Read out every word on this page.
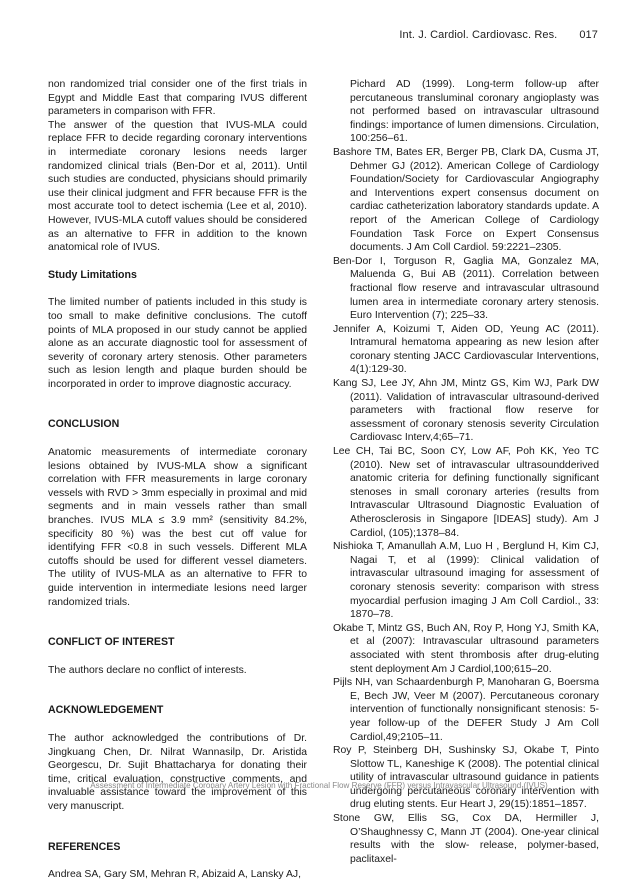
Int. J. Cardiol. Cardiovasc. Res. 017

non randomized trial consider one of the first trials in Egypt and Middle East that comparing IVUS different parameters in comparison with FFR.

The answer of the question that IVUS-MLA could replace FFR to decide regarding coronary interventions in intermediate coronary lesions needs larger randomized clinical trials (Ben-Dor et al, 2011). Until such studies are conducted, physicians should primarily use their clinical judgment and FFR because FFR is the most accurate tool to detect ischemia (Lee et al, 2010). However, IVUS-MLA cutoff values should be considered as an alternative to FFR in addition to the known anatomical role of IVUS.

Study Limitations

The limited number of patients included in this study is too small to make definitive conclusions. The cutoff points of MLA proposed in our study cannot be applied alone as an accurate diagnostic tool for assessment of severity of coronary artery stenosis. Other parameters such as lesion length and plaque burden should be incorporated in order to improve diagnostic accuracy.

CONCLUSION

Anatomic measurements of intermediate coronary lesions obtained by IVUS-MLA show a significant correlation with FFR measurements in large coronary vessels with RVD > 3mm especially in proximal and mid segments and in main vessels rather than small branches. IVUS MLA ≤ 3.9 mm² (sensitivity 84.2%, specificity 80 %) was the best cut off value for identifying FFR <0.8 in such vessels. Different MLA cutoffs should be used for different vessel diameters. The utility of IVUS-MLA as an alternative to FFR to guide intervention in intermediate lesions need larger randomized trials.

CONFLICT OF INTEREST

The authors declare no conflict of interests.

ACKNOWLEDGEMENT

The author acknowledged the contributions of Dr. Jingkuang Chen, Dr. Nilrat Wannasilp, Dr. Aristida Georgescu, Dr. Sujit Bhattacharya for donating their time, critical evaluation, constructive comments, and invaluable assistance toward the improvement of this very manuscript.

REFERENCES

Andrea SA, Gary SM, Mehran R, Abizaid A, Lansky AJ,

Pichard AD (1999). Long-term follow-up after percutaneous transluminal coronary angioplasty was not performed based on intravascular ultrasound findings: importance of lumen dimensions. Circulation, 100:256–61.

Bashore TM, Bates ER, Berger PB, Clark DA, Cusma JT, Dehmer GJ (2012). American College of Cardiology Foundation/Society for Cardiovascular Angiography and Interventions expert consensus document on cardiac catheterization laboratory standards update. A report of the American College of Cardiology Foundation Task Force on Expert Consensus documents. J Am Coll Cardiol. 59:2221–2305.

Ben-Dor I, Torguson R, Gaglia MA, Gonzalez MA, Maluenda G, Bui AB (2011). Correlation between fractional flow reserve and intravascular ultrasound lumen area in intermediate coronary artery stenosis. Euro Intervention (7); 225–33.

Jennifer A, Koizumi T, Aiden OD, Yeung AC (2011). Intramural hematoma appearing as new lesion after coronary stenting JACC Cardiovascular Interventions, 4(1):129-30.

Kang SJ, Lee JY, Ahn JM, Mintz GS, Kim WJ, Park DW (2011). Validation of intravascular ultrasound-derived parameters with fractional flow reserve for assessment of coronary stenosis severity Circulation Cardiovasc Interv,4;65–71.

Lee CH, Tai BC, Soon CY, Low AF, Poh KK, Yeo TC (2010). New set of intravascular ultrasoundderived anatomic criteria for defining functionally significant stenoses in small coronary arteries (results from Intravascular Ultrasound Diagnostic Evaluation of Atherosclerosis in Singapore [IDEAS] study). Am J Cardiol, (105);1378–84.

Nishioka T, Amanullah A.M, Luo H , Berglund H, Kim CJ, Nagai T, et al (1999): Clinical validation of intravascular ultrasound imaging for assessment of coronary stenosis severity: comparison with stress myocardial perfusion imaging J Am Coll Cardiol., 33: 1870–78.

Okabe T, Mintz GS, Buch AN, Roy P, Hong YJ, Smith KA, et al (2007): Intravascular ultrasound parameters associated with stent thrombosis after drug-eluting stent deployment Am J Cardiol,100;615–20.

Pijls NH, van Schaardenburgh P, Manoharan G, Boersma E, Bech JW, Veer M (2007). Percutaneous coronary intervention of functionally nonsignificant stenosis: 5-year follow-up of the DEFER Study J Am Coll Cardiol,49;2105–11.

Roy P, Steinberg DH, Sushinsky SJ, Okabe T, Pinto Slottow TL, Kaneshige K (2008). The potential clinical utility of intravascular ultrasound guidance in patients undergoing percutaneous coronary intervention with drug eluting stents. Eur Heart J, 29(15):1851–1857.

Stone GW, Ellis SG, Cox DA, Hermiller J, O’Shaughnessy C, Mann JT (2004). One-year clinical results with the slow- release, polymer-based, paclitaxel-

Assessment of Intermediate Coronary Artery Lesion with Fractional Flow Reserve (FFR) versus Intravascular Ultrasound (IVUS)
